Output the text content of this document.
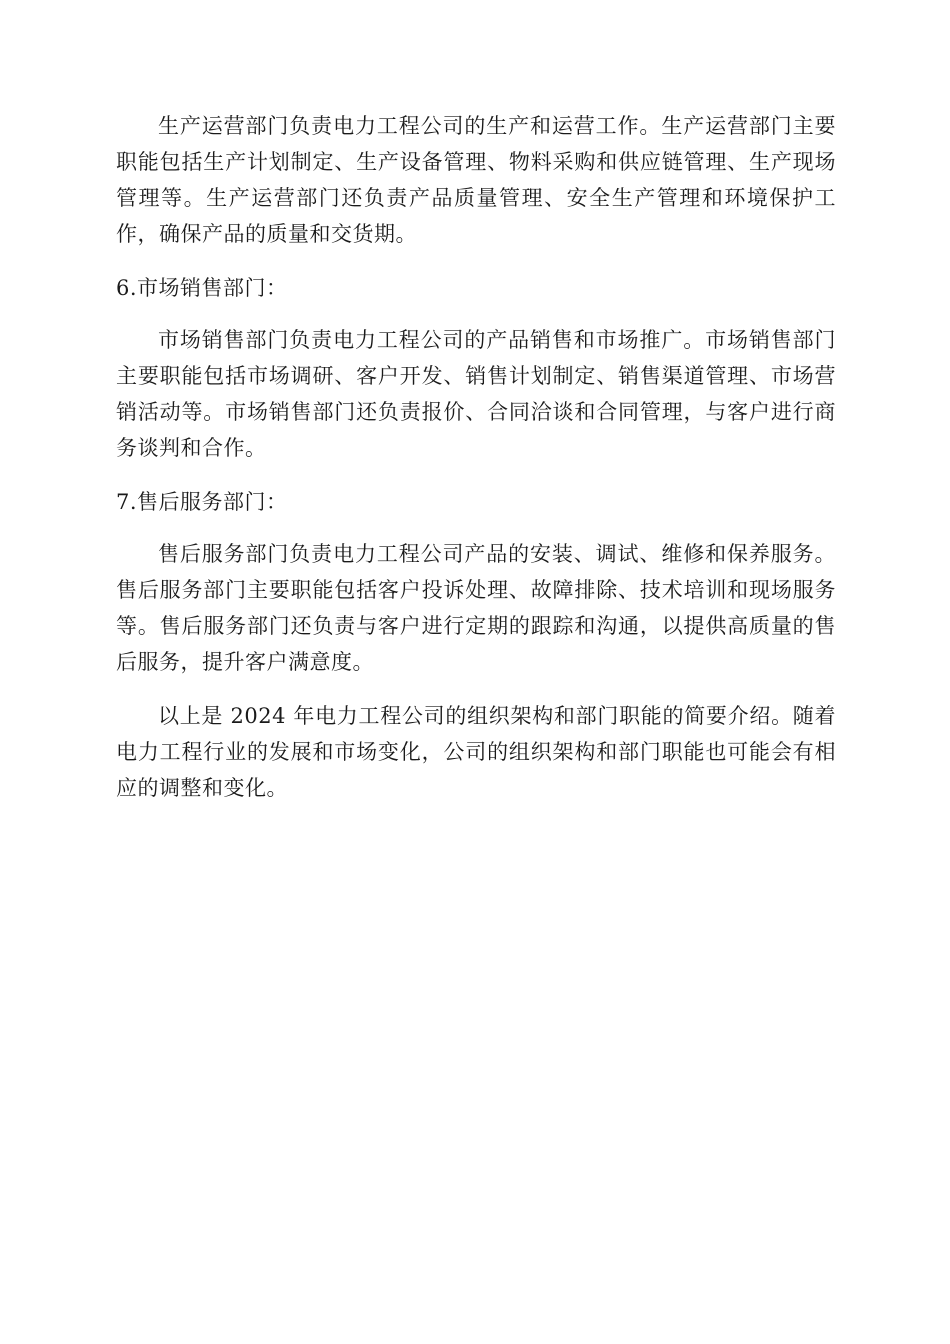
生产运营部门负责电力工程公司的生产和运营工作。生产运营部门主要职能包括生产计划制定、生产设备管理、物料采购和供应链管理、生产现场管理等。生产运营部门还负责产品质量管理、安全生产管理和环境保护工作，确保产品的质量和交货期。

6.市场销售部门：

市场销售部门负责电力工程公司的产品销售和市场推广。市场销售部门主要职能包括市场调研、客户开发、销售计划制定、销售渠道管理、市场营销活动等。市场销售部门还负责报价、合同洽谈和合同管理，与客户进行商务谈判和合作。

7.售后服务部门：

售后服务部门负责电力工程公司产品的安装、调试、维修和保养服务。售后服务部门主要职能包括客户投诉处理、故障排除、技术培训和现场服务等。售后服务部门还负责与客户进行定期的跟踪和沟通，以提供高质量的售后服务，提升客户满意度。

以上是 2024 年电力工程公司的组织架构和部门职能的简要介绍。随着电力工程行业的发展和市场变化，公司的组织架构和部门职能也可能会有相应的调整和变化。
